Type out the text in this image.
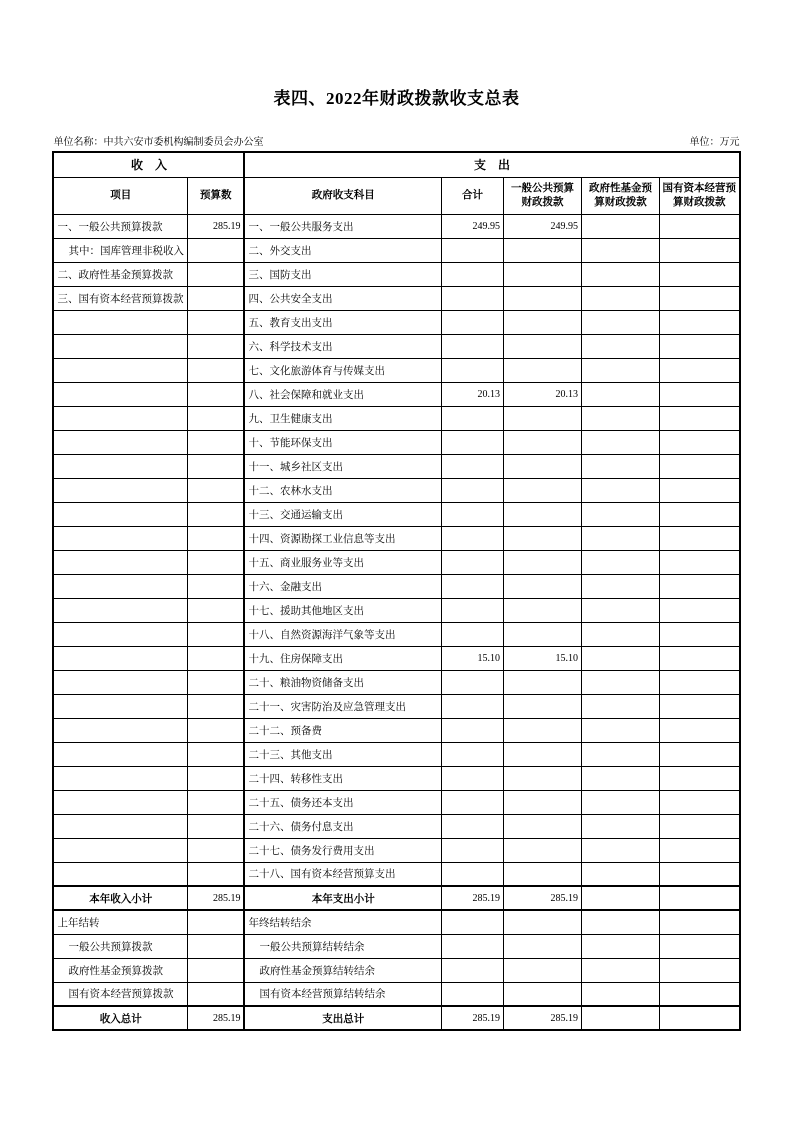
表四、2022年财政拨款收支总表
单位名称：中共六安市委机构编制委员会办公室	单位：万元
收　入		支　出				
项目	预算数	政府收支科目	合计	一般公共预算财政拨款	政府性基金预算财政拨款	国有资本经营预算财政拨款
一、一般公共预算拨款	285.19	一、一般公共服务支出	249.95	249.95		
其中：国库管理非税收入		二、外交支出				
二、政府性基金预算拨款		三、国防支出				
三、国有资本经营预算拨款		四、公共安全支出				
		五、教育支出支出				
		六、科学技术支出				
		七、文化旅游体育与传媒支出				
		八、社会保障和就业支出	20.13	20.13		
		九、卫生健康支出				
		十、节能环保支出				
		十一、城乡社区支出				
		十二、农林水支出				
		十三、交通运输支出				
		十四、资源勘探工业信息等支出				
		十五、商业服务业等支出				
		十六、金融支出				
		十七、援助其他地区支出				
		十八、自然资源海洋气象等支出				
		十九、住房保障支出	15.10	15.10		
		二十、粮油物资储备支出				
		二十一、灾害防治及应急管理支出				
		二十二、预备费				
		二十三、其他支出				
		二十四、转移性支出				
		二十五、债务还本支出				
		二十六、债务付息支出				
		二十七、债务发行费用支出				
		二十八、国有资本经营预算支出				
本年收入小计	285.19	本年支出小计	285.19	285.19		
上年结转		年终结转结余				
一般公共预算拨款		一般公共预算结转结余				
政府性基金预算拨款		政府性基金预算结转结余				
国有资本经营预算拨款		国有资本经营预算结转结余				
收入总计	285.19	支出总计	285.19	285.19		
